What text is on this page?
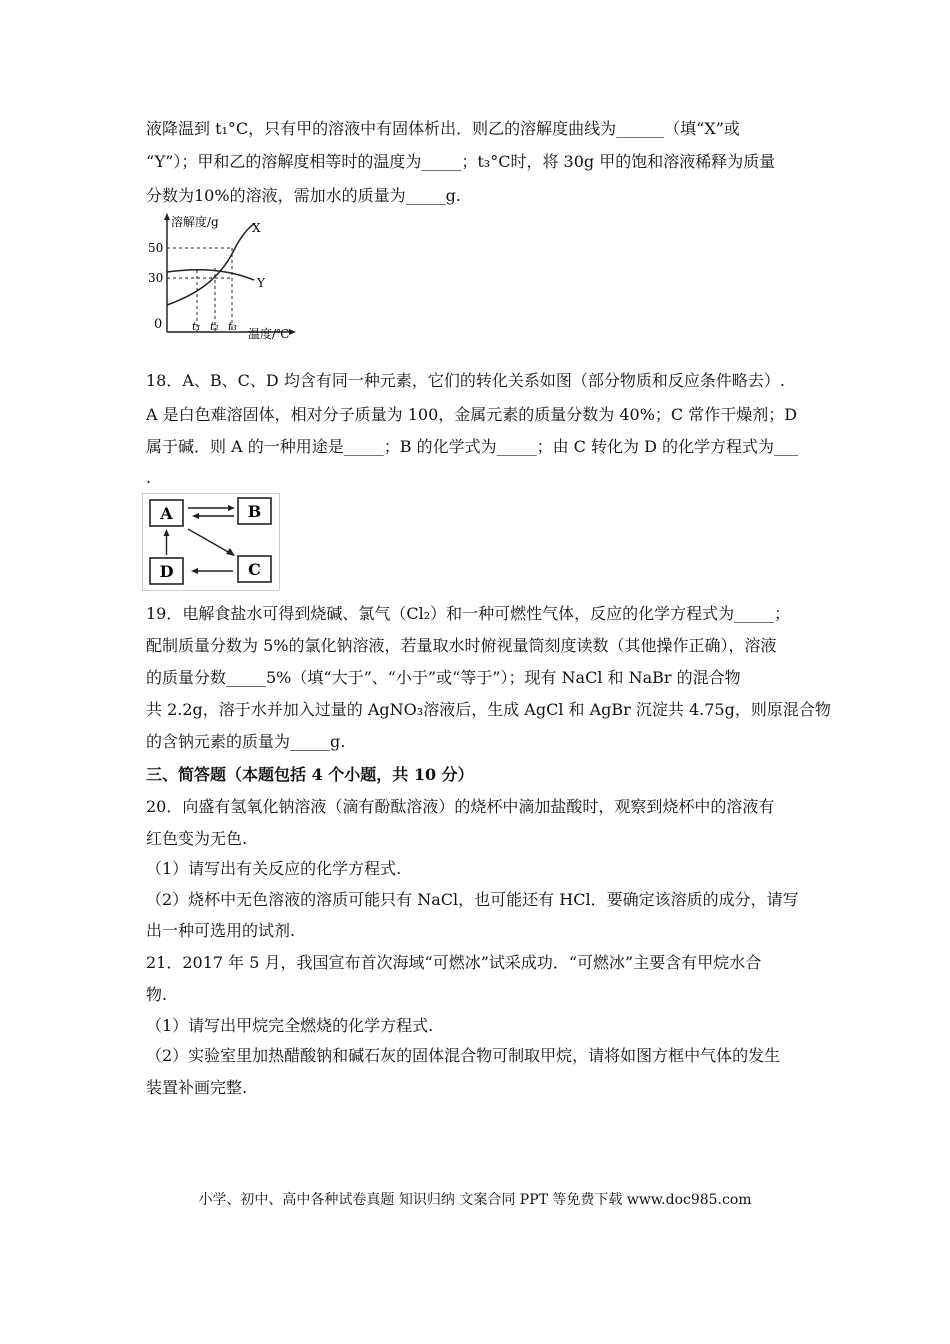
液降温到 t₁°C，只有甲的溶液中有固体析出．则乙的溶解度曲线为______（填“X”或
“Y”）；甲和乙的溶解度相等时的温度为_____；t₃°C时，将 30g 甲的饱和溶液稀释为质量
分数为10%的溶液，需加水的质量为_____g.
溶解度/g
温度/℃
0
50
30
t₁ t₂ t₃
X
Y
18．A、B、C、D 均含有同一种元素，它们的转化关系如图（部分物质和反应条件略去）.
A 是白色难溶固体，相对分子质量为 100，金属元素的质量分数为 40%；C 常作干燥剂；D
属于碱．则 A 的一种用途是_____；B 的化学式为_____；由 C 转化为 D 的化学方程式为___
.
A	B
C
D
19．电解食盐水可得到烧碱、氯气（Cl₂）和一种可燃性气体，反应的化学方程式为_____；
配制质量分数为 5%的氯化钠溶液，若量取水时俯视量筒刻度读数（其他操作正确），溶液
的质量分数_____5%（填“大于”、“小于”或“等于”）；现有 NaCl 和 NaBr 的混合物
共 2.2g，溶于水并加入过量的 AgNO₃溶液后，生成 AgCl 和 AgBr 沉淀共 4.75g，则原混合物
的含钠元素的质量为_____g.
三、简答题（本题包括 4 个小题，共 10 分）
20．向盛有氢氧化钠溶液（滴有酚酞溶液）的烧杯中滴加盐酸时，观察到烧杯中的溶液有
红色变为无色.
（1）请写出有关反应的化学方程式.
（2）烧杯中无色溶液的溶质可能只有 NaCl，也可能还有 HCl．要确定该溶质的成分，请写
出一种可选用的试剂.
21．2017 年 5 月，我国宣布首次海域“可燃冰”试采成功．“可燃冰”主要含有甲烷水合
物.
（1）请写出甲烷完全燃烧的化学方程式.
（2）实验室里加热醋酸钠和碱石灰的固体混合物可制取甲烷，请将如图方框中气体的发生
装置补画完整.
小学、初中、高中各种试卷真题 知识归纳 文案合同 PPT 等免费下载 www.doc985.com
